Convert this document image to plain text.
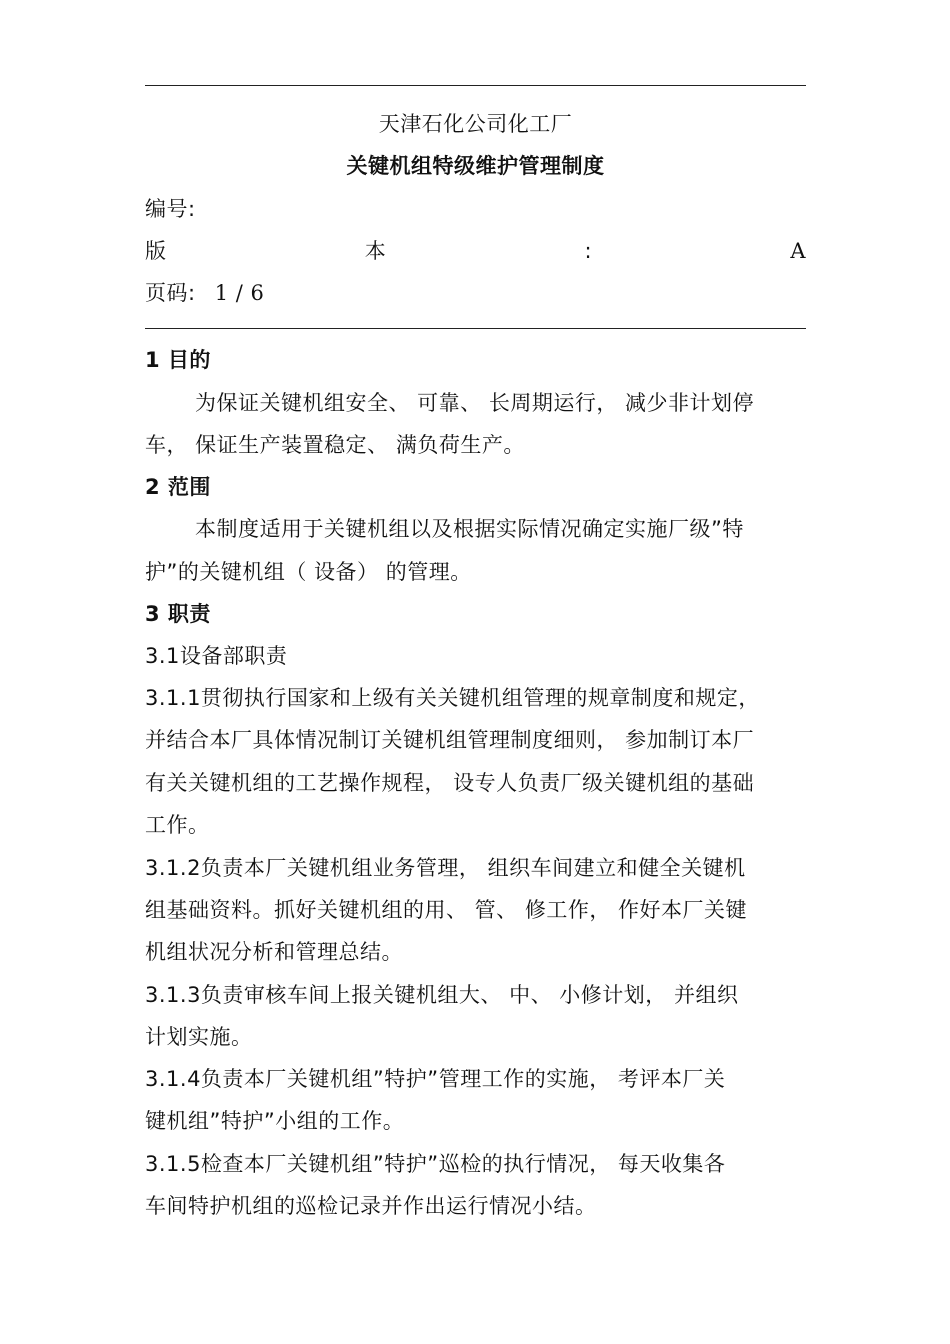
天津石化公司化工厂
关键机组特级维护管理制度
编号:
版	本	:	A
页码: 1 / 6
1 目的
为保证关键机组安全、 可靠、 长周期运行， 减少非计划停
车， 保证生产装置稳定、 满负荷生产。
2 范围
本制度适用于关键机组以及根据实际情况确定实施厂级”特
护”的关键机组（ 设备） 的管理。
3 职责
3.1设备部职责
3.1.1贯彻执行国家和上级有关关键机组管理的规章制度和规定，
并结合本厂具体情况制订关键机组管理制度细则， 参加制订本厂
有关关键机组的工艺操作规程， 设专人负责厂级关键机组的基础
工作。
3.1.2负责本厂关键机组业务管理， 组织车间建立和健全关键机
组基础资料。抓好关键机组的用、 管、 修工作， 作好本厂关键
机组状况分析和管理总结。
3.1.3负责审核车间上报关键机组大、 中、 小修计划， 并组织
计划实施。
3.1.4负责本厂关键机组”特护”管理工作的实施， 考评本厂关
键机组”特护”小组的工作。
3.1.5检查本厂关键机组”特护”巡检的执行情况， 每天收集各
车间特护机组的巡检记录并作出运行情况小结。
